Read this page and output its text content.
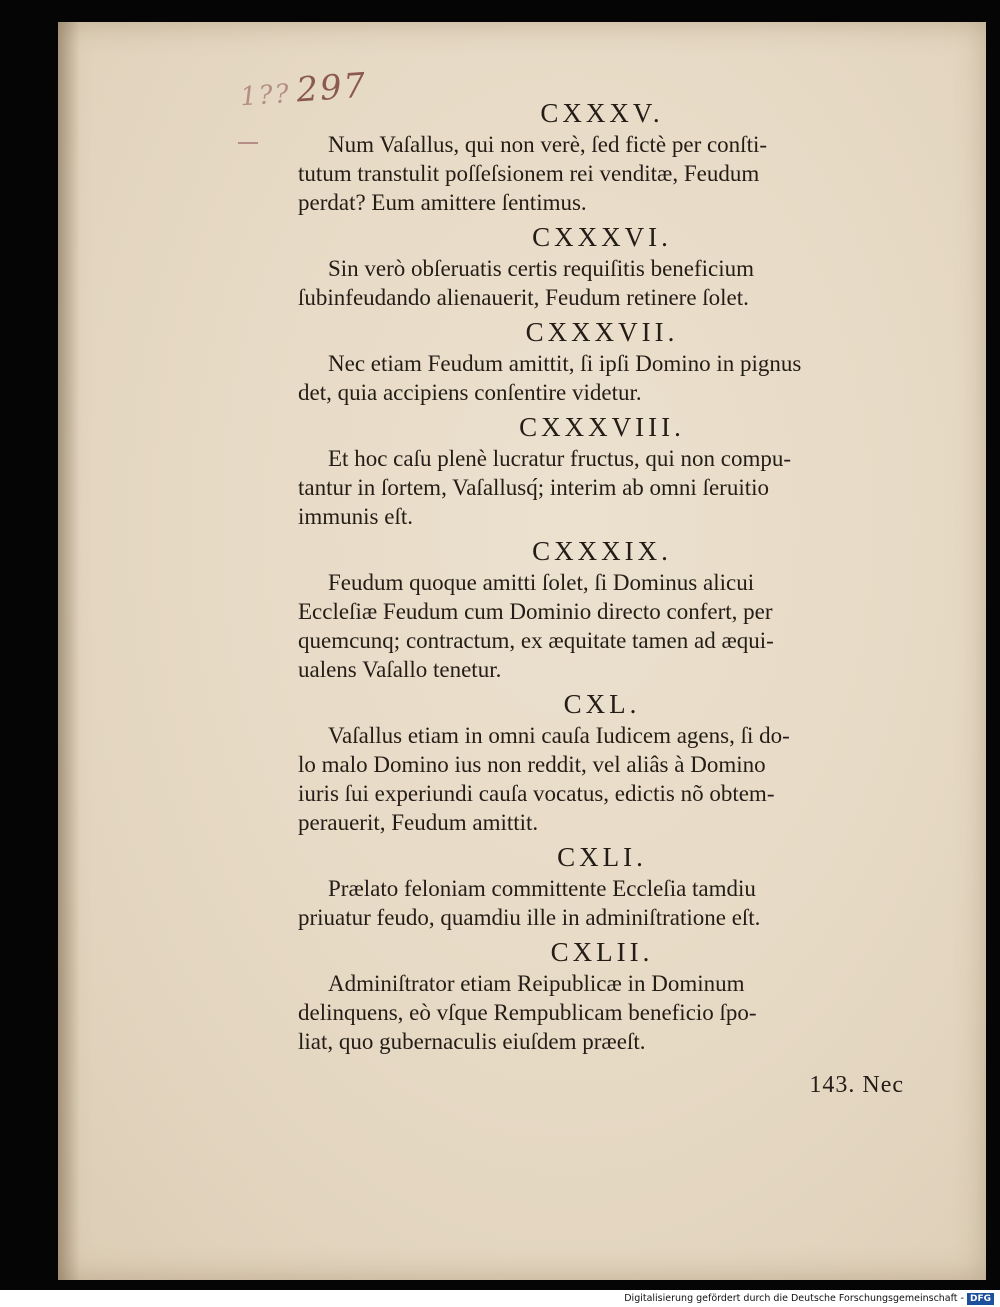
1??297
CXXXV.
Num Vaſallus, qui non verè, ſed fictè per conſti-
tutum transtulit poſſeſsionem rei venditæ, Feudum
perdat? Eum amittere ſentimus.
CXXXVI.
Sin verò obſeruatis certis requiſitis beneficium
ſubinfeudando alienauerit, Feudum retinere ſolet.
CXXXVII.
Nec etiam Feudum amittit, ſi ipſi Domino in pignus
det, quia accipiens conſentire videtur.
CXXXVIII.
Et hoc caſu plenè lucratur fructus, qui non compu-
tantur in ſortem, Vaſallusq́; interim ab omni ſeruitio
immunis eſt.
CXXXIX.
Feudum quoque amitti ſolet, ſi Dominus alicui
Eccleſiæ Feudum cum Dominio directo confert, per
quemcunq; contractum, ex æquitate tamen ad æqui-
ualens Vaſallo tenetur.
CXL.
Vaſallus etiam in omni cauſa Iudicem agens, ſi do-
lo malo Domino ius non reddit, vel aliâs à Domino
iuris ſui experiundi cauſa vocatus, edictis nõ obtem-
perauerit, Feudum amittit.
CXLI.
Prælato feloniam committente Eccleſia tamdiu
priuatur feudo, quamdiu ille in adminiſtratione eſt.
CXLII.
Adminiſtrator etiam Reipublicæ in Dominum
delinquens, eò vſque Rempublicam beneficio ſpo-
liat, quo gubernaculis eiuſdem præeſt.
143. Nec
Digitalisierung gefördert durch die Deutsche Forschungsgemeinschaft - DFG
